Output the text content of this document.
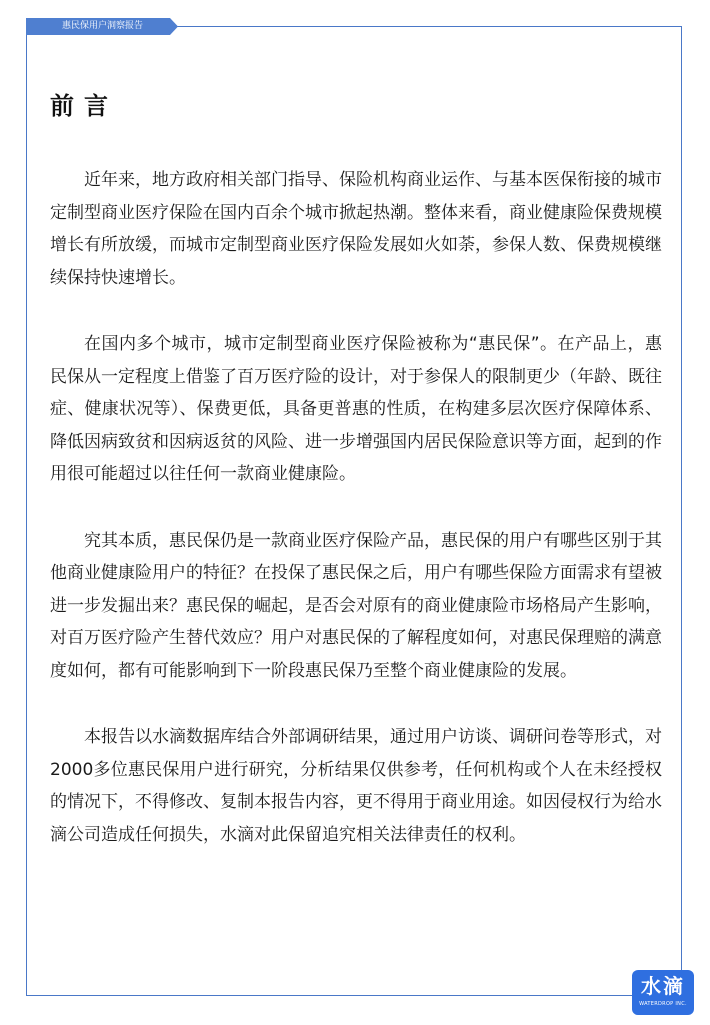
惠民保用户洞察报告
前言

近年来，地方政府相关部门指导、保险机构商业运作、与基本医保衔接的城市定制型商业医疗保险在国内百余个城市掀起热潮。整体来看，商业健康险保费规模增长有所放缓，而城市定制型商业医疗保险发展如火如荼，参保人数、保费规模继续保持快速增长。

在国内多个城市，城市定制型商业医疗保险被称为“惠民保”。在产品上，惠民保从一定程度上借鉴了百万医疗险的设计，对于参保人的限制更少（年龄、既往症、健康状况等）、保费更低，具备更普惠的性质，在构建多层次医疗保障体系、降低因病致贫和因病返贫的风险、进一步增强国内居民保险意识等方面，起到的作用很可能超过以往任何一款商业健康险。

究其本质，惠民保仍是一款商业医疗保险产品，惠民保的用户有哪些区别于其他商业健康险用户的特征？在投保了惠民保之后，用户有哪些保险方面需求有望被进一步发掘出来？惠民保的崛起，是否会对原有的商业健康险市场格局产生影响，对百万医疗险产生替代效应？用户对惠民保的了解程度如何，对惠民保理赔的满意度如何，都有可能影响到下一阶段惠民保乃至整个商业健康险的发展。

本报告以水滴数据库结合外部调研结果，通过用户访谈、调研问卷等形式，对2000多位惠民保用户进行研究，分析结果仅供参考，任何机构或个人在未经授权的情况下，不得修改、复制本报告内容，更不得用于商业用途。如因侵权行为给水滴公司造成任何损失，水滴对此保留追究相关法律责任的权利。

水滴
WATERDROP INC.
